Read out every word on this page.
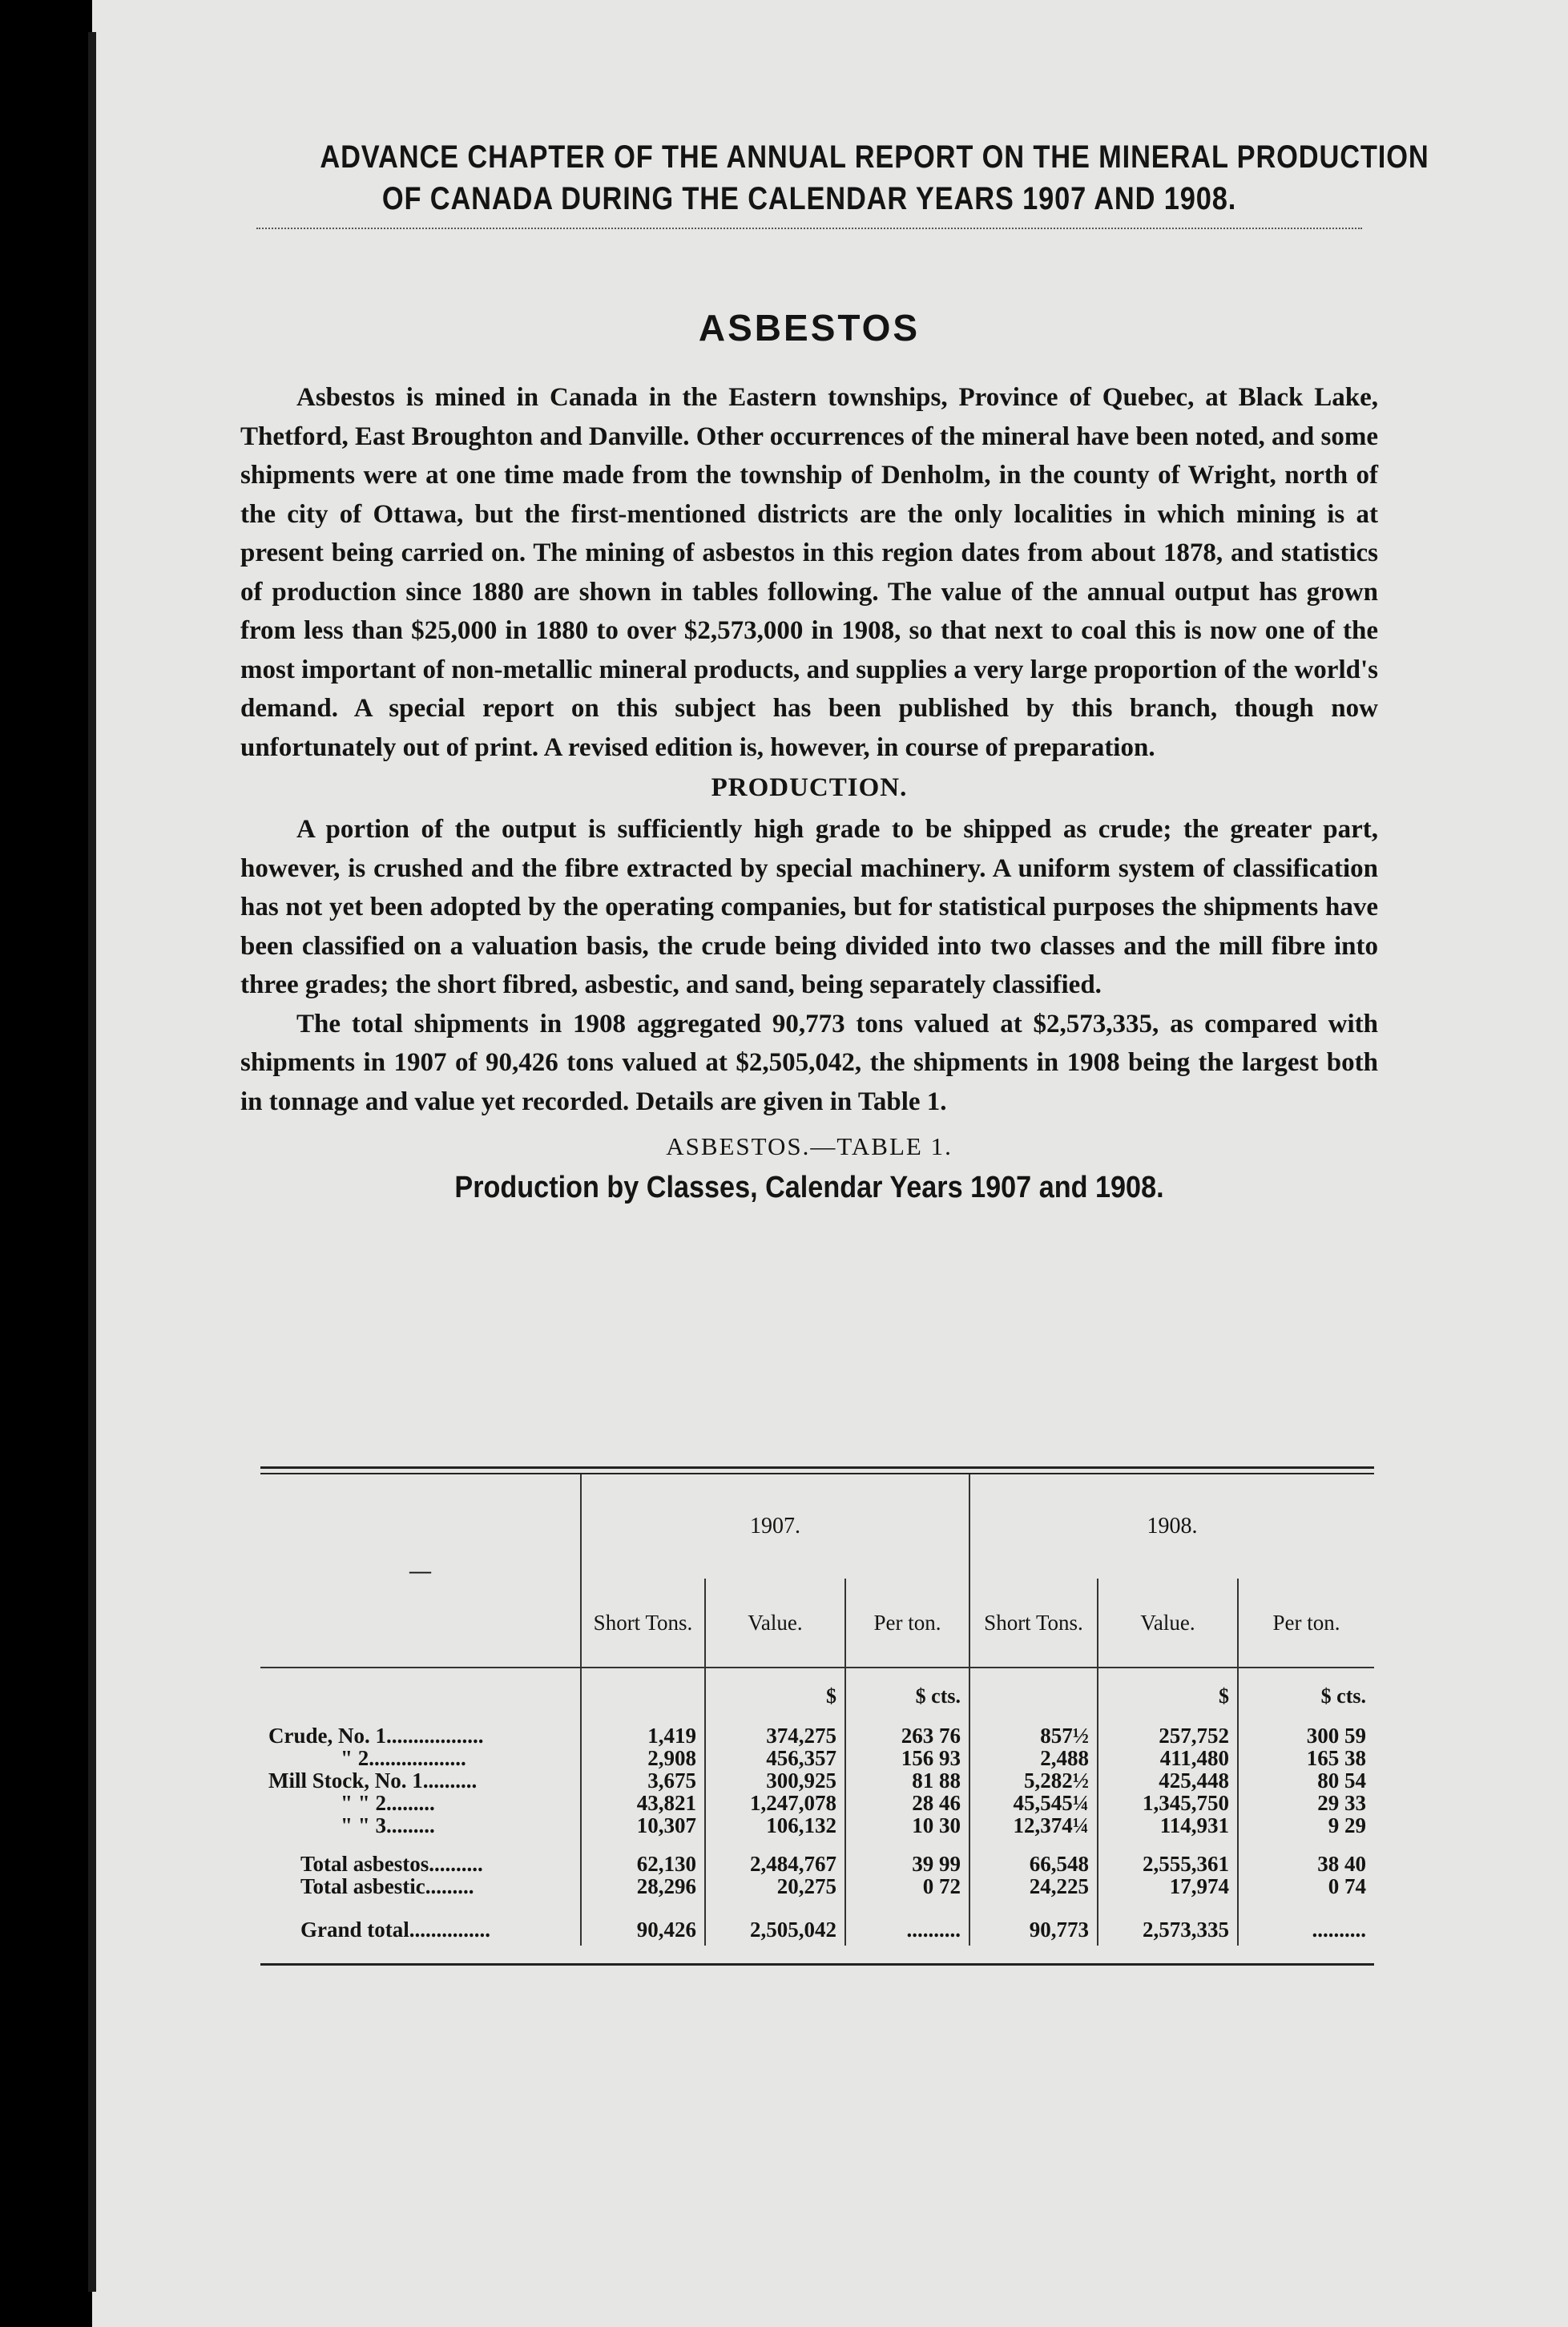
ADVANCE CHAPTER OF THE ANNUAL REPORT ON THE MINERAL PRODUCTION
OF CANADA DURING THE CALENDAR YEARS 1907 AND 1908.
ASBESTOS

Asbestos is mined in Canada in the Eastern townships, Province of Quebec, at Black Lake, Thetford, East Broughton and Danville. Other occurrences of the mineral have been noted, and some shipments were at one time made from the township of Denholm, in the county of Wright, north of the city of Ottawa, but the first-mentioned districts are the only localities in which mining is at present being carried on. The mining of asbestos in this region dates from about 1878, and statistics of production since 1880 are shown in tables following. The value of the annual output has grown from less than $25,000 in 1880 to over $2,573,000 in 1908, so that next to coal this is now one of the most important of non-metallic mineral products, and supplies a very large proportion of the world's demand. A special report on this subject has been published by this branch, though now unfortunately out of print. A revised edition is, however, in course of preparation.

PRODUCTION.

A portion of the output is sufficiently high grade to be shipped as crude; the greater part, however, is crushed and the fibre extracted by special machinery. A uniform system of classification has not yet been adopted by the operating companies, but for statistical purposes the shipments have been classified on a valuation basis, the crude being divided into two classes and the mill fibre into three grades; the short fibred, asbestic, and sand, being separately classified.

The total shipments in 1908 aggregated 90,773 tons valued at $2,573,335, as compared with shipments in 1907 of 90,426 tons valued at $2,505,042, the shipments in 1908 being the largest both in tonnage and value yet recorded. Details are given in Table 1.

ASBESTOS.—TABLE 1.
Production by Classes, Calendar Years 1907 and 1908.
—	1907.			1908.		
	Short Tons.	Value.	Per ton.	Short Tons.	Value.	Per ton.

		$	$ cts.		$	$ cts.
Crude, No. 1..................	1,419	374,275	263 76	857½	257,752	300 59
" 2..................	2,908	456,357	156 93	2,488	411,480	165 38
Mill Stock, No. 1..........	3,675	300,925	81 88	5,282½	425,448	80 54
" " 2.........	43,821	1,247,078	28 46	45,545¼	1,345,750	29 33
" " 3.........	10,307	106,132	10 30	12,374¼	114,931	9 29

Total asbestos..........	62,130	2,484,767	39 99	66,548	2,555,361	38 40
Total asbestic.........	28,296	20,275	0 72	24,225	17,974	0 74

Grand total...............	90,426	2,505,042	..........	90,773	2,573,335	..........
